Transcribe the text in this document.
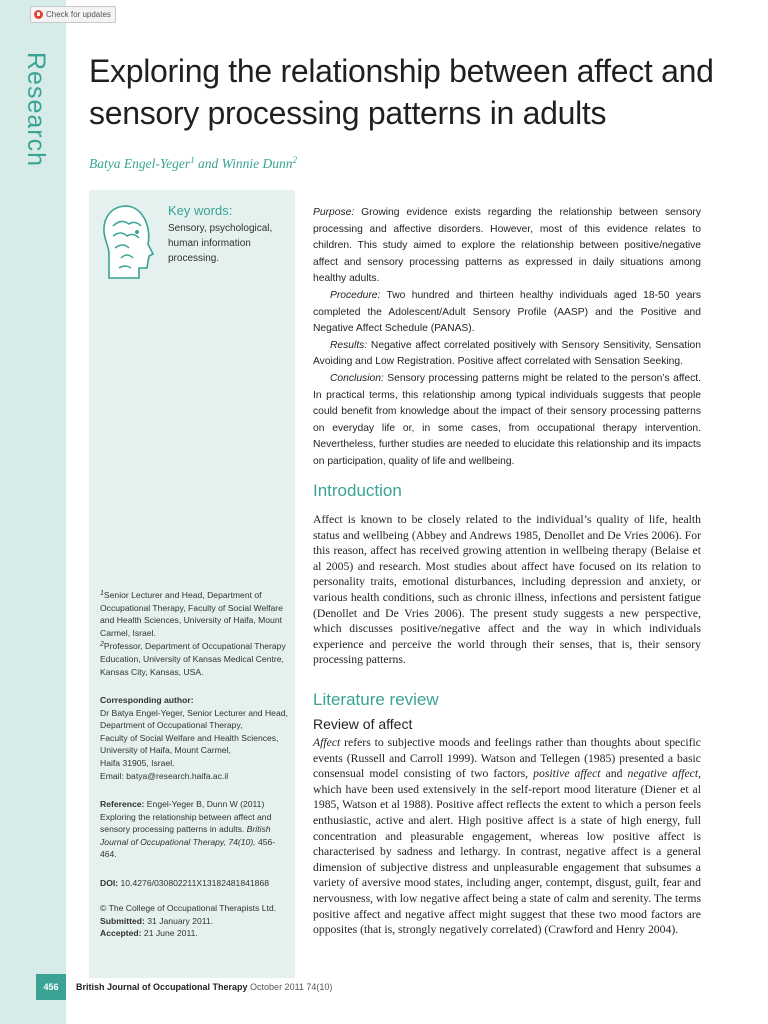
Research
Check for updates
Exploring the relationship between affect and sensory processing patterns in adults
Batya Engel-Yeger$^1$ and Winnie Dunn$^2$
Key words:
Sensory, psychological, human information processing.
$^1$Senior Lecturer and Head, Department of Occupational Therapy, Faculty of Social Welfare and Health Sciences, University of Haifa, Mount Carmel, Israel.
$^2$Professor, Department of Occupational Therapy Education, University of Kansas Medical Centre, Kansas City, Kansas, USA.
Corresponding author:
Dr Batya Engel-Yeger, Senior Lecturer and Head,
Department of Occupational Therapy,
Faculty of Social Welfare and Health Sciences,
University of Haifa, Mount Carmel,
Haifa 31905, Israel.
Email: batya@research.haifa.ac.il
Reference: Engel-Yeger B, Dunn W (2011) Exploring the relationship between affect and sensory processing patterns in adults. British Journal of Occupational Therapy, 74(10), 456-464.
DOI: 10.4276/030802211X13182481841868
© The College of Occupational Therapists Ltd.
Submitted: 31 January 2011.
Accepted: 21 June 2011.

Purpose: Growing evidence exists regarding the relationship between sensory processing and affective disorders. However, most of this evidence relates to children. This study aimed to explore the relationship between positive/negative affect and sensory processing patterns as expressed in daily situations among healthy adults.

Procedure: Two hundred and thirteen healthy individuals aged 18-50 years completed the Adolescent/Adult Sensory Profile (AASP) and the Positive and Negative Affect Schedule (PANAS).

Results: Negative affect correlated positively with Sensory Sensitivity, Sensation Avoiding and Low Registration. Positive affect correlated with Sensation Seeking.

Conclusion: Sensory processing patterns might be related to the person’s affect. In practical terms, this relationship among typical individuals suggests that people could benefit from knowledge about the impact of their sensory processing patterns on everyday life or, in some cases, from occupational therapy intervention. Nevertheless, further studies are needed to elucidate this relationship and its impacts on participation, quality of life and wellbeing.

Introduction

Affect is known to be closely related to the individual’s quality of life, health status and wellbeing (Abbey and Andrews 1985, Denollet and De Vries 2006). For this reason, affect has received growing attention in wellbeing therapy (Belaise et al 2005) and research. Most studies about affect have focused on its relation to personality traits, emotional disturbances, including depression and anxiety, or various health conditions, such as chronic illness, infections and persistent fatigue (Denollet and De Vries 2006). The present study suggests a new perspective, which discusses positive/negative affect and the way in which individuals experience and perceive the world through their senses, that is, their sensory processing patterns.

Literature review
Review of affect

Affect refers to subjective moods and feelings rather than thoughts about specific events (Russell and Carroll 1999). Watson and Tellegen (1985) presented a basic consensual model consisting of two factors, positive affect and negative affect, which have been used extensively in the self-report mood literature (Diener et al 1985, Watson et al 1988). Positive affect reflects the extent to which a person feels enthusiastic, active and alert. High positive affect is a state of high energy, full concentration and pleasurable engagement, whereas low positive affect is characterised by sadness and lethargy. In contrast, negative affect is a general dimension of subjective distress and unpleasurable engagement that subsumes a variety of aversive mood states, including anger, contempt, disgust, guilt, fear and nervousness, with low negative affect being a state of calm and serenity. The terms positive affect and negative affect might suggest that these two mood factors are opposites (that is, strongly negatively correlated) (Crawford and Henry 2004).

456	British Journal of Occupational Therapy October 2011 74(10)
